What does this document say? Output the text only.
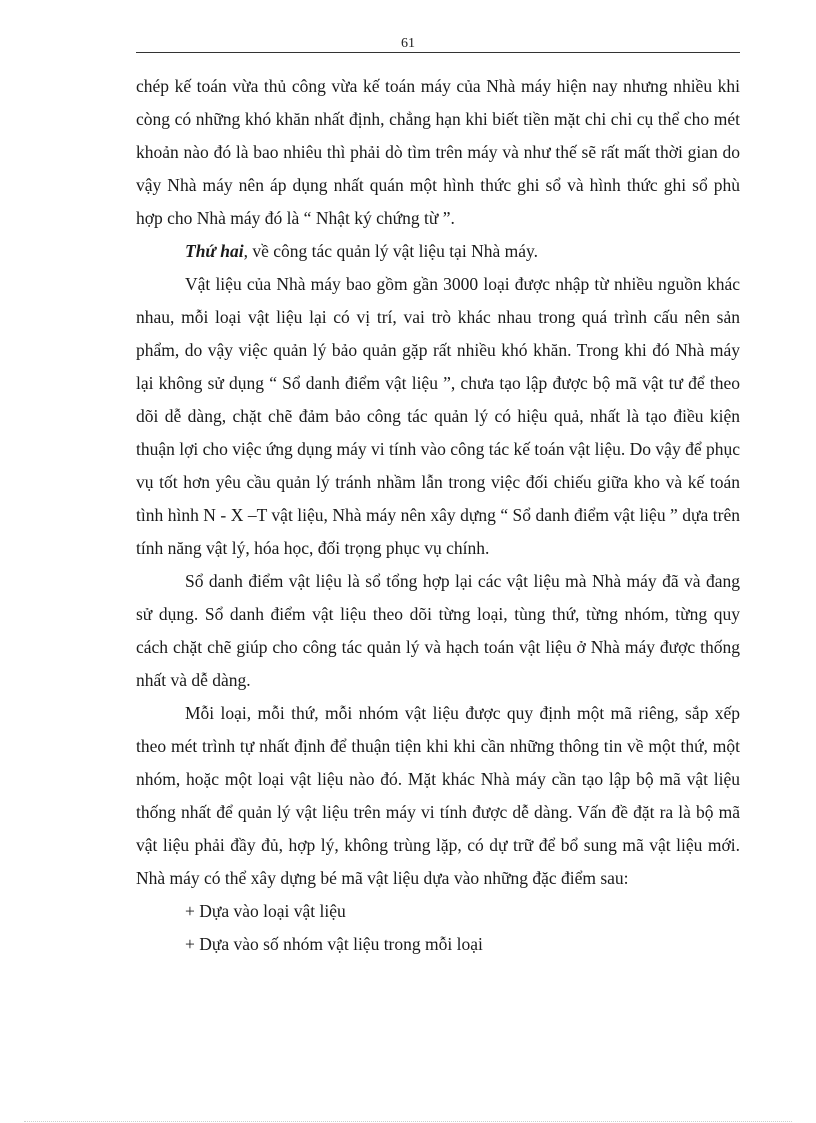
61

chép kế toán vừa thủ công vừa kế toán máy của Nhà máy hiện nay nhưng nhiều khi còng có những khó khăn nhất định, chẳng hạn khi biết tiền mặt chi chi cụ thể cho mét khoản nào đó là bao nhiêu thì phải dò tìm trên máy và như thế sẽ rất mất thời gian do vậy Nhà máy nên áp dụng nhất quán một hình thức ghi sổ và hình thức ghi sổ phù hợp cho Nhà máy đó là “ Nhật ký chứng từ ”.

Thứ hai, về công tác quản lý vật liệu tại Nhà máy.

Vật liệu của Nhà máy bao gồm gần 3000 loại được nhập từ nhiều nguồn khác nhau, mỗi loại vật liệu lại có vị trí, vai trò khác nhau trong quá trình cấu nên sản phẩm, do vậy việc quản lý bảo quản gặp rất nhiều khó khăn. Trong khi đó Nhà máy lại không sử dụng “ Sổ danh điểm vật liệu ”, chưa tạo lập được bộ mã vật tư để theo dõi dễ dàng, chặt chẽ đảm bảo công tác quản lý có hiệu quả, nhất là tạo điều kiện thuận lợi cho việc ứng dụng máy vi tính vào công tác kế toán vật liệu. Do vậy để phục vụ tốt hơn yêu cầu quản lý tránh nhầm lẫn trong việc đối chiếu giữa kho và kế toán tình hình N - X –T vật liệu, Nhà máy nên xây dựng “ Sổ danh điểm vật liệu ” dựa trên tính năng vật lý, hóa học, đối trọng phục vụ chính.

Sổ danh điểm vật liệu là sổ tổng hợp lại các vật liệu mà Nhà máy đã và đang sử dụng. Sổ danh điểm vật liệu theo dõi từng loại, tùng thứ, từng nhóm, từng quy cách chặt chẽ giúp cho công tác quản lý và hạch toán vật liệu ở Nhà máy được thống nhất và dễ dàng.

Mỗi loại, mỗi thứ, mỗi nhóm vật liệu được quy định một mã riêng, sắp xếp theo mét trình tự nhất định để thuận tiện khi khi cần những thông tin về một thứ, một nhóm, hoặc một loại vật liệu nào đó. Mặt khác Nhà máy cần tạo lập bộ mã vật liệu thống nhất để quản lý vật liệu trên máy vi tính được dễ dàng. Vấn đề đặt ra là bộ mã vật liệu phải đầy đủ, hợp lý, không trùng lặp, có dự trữ để bổ sung mã vật liệu mới. Nhà máy có thể xây dựng bé mã vật liệu dựa vào những đặc điểm sau:

+ Dựa vào loại vật liệu

+ Dựa vào số nhóm vật liệu trong mỗi loại
